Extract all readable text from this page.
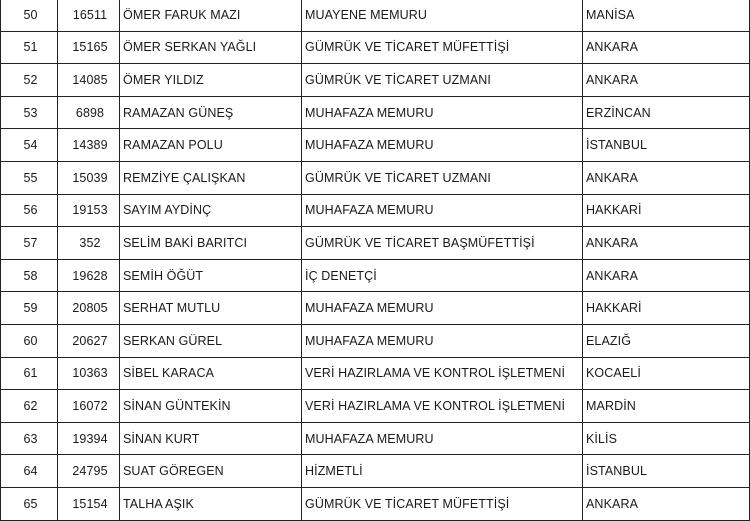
50	16511	ÖMER FARUK MAZI	MUAYENE MEMURU	MANİSA
51	15165	ÖMER SERKAN YAĞLI	GÜMRÜK VE TİCARET MÜFETTİŞİ	ANKARA
52	14085	ÖMER YILDIZ	GÜMRÜK VE TİCARET UZMANI	ANKARA
53	6898	RAMAZAN GÜNEŞ	MUHAFAZA MEMURU	ERZİNCAN
54	14389	RAMAZAN POLU	MUHAFAZA MEMURU	İSTANBUL
55	15039	REMZİYE ÇALIŞKAN	GÜMRÜK VE TİCARET UZMANI	ANKARA
56	19153	SAYIM AYDİNÇ	MUHAFAZA MEMURU	HAKKARİ
57	352	SELİM BAKİ BARITCI	GÜMRÜK VE TİCARET BAŞMÜFETTİŞİ	ANKARA
58	19628	SEMİH ÖĞÜT	İÇ DENETÇİ	ANKARA
59	20805	SERHAT MUTLU	MUHAFAZA MEMURU	HAKKARİ
60	20627	SERKAN GÜREL	MUHAFAZA MEMURU	ELAZIĞ
61	10363	SİBEL KARACA	VERİ HAZIRLAMA VE KONTROL İŞLETMENİ	KOCAELİ
62	16072	SİNAN GÜNTEKİN	VERİ HAZIRLAMA VE KONTROL İŞLETMENİ	MARDİN
63	19394	SİNAN KURT	MUHAFAZA MEMURU	KİLİS
64	24795	SUAT GÖREGEN	HİZMETLİ	İSTANBUL
65	15154	TALHA AŞIK	GÜMRÜK VE TİCARET MÜFETTİŞİ	ANKARA
